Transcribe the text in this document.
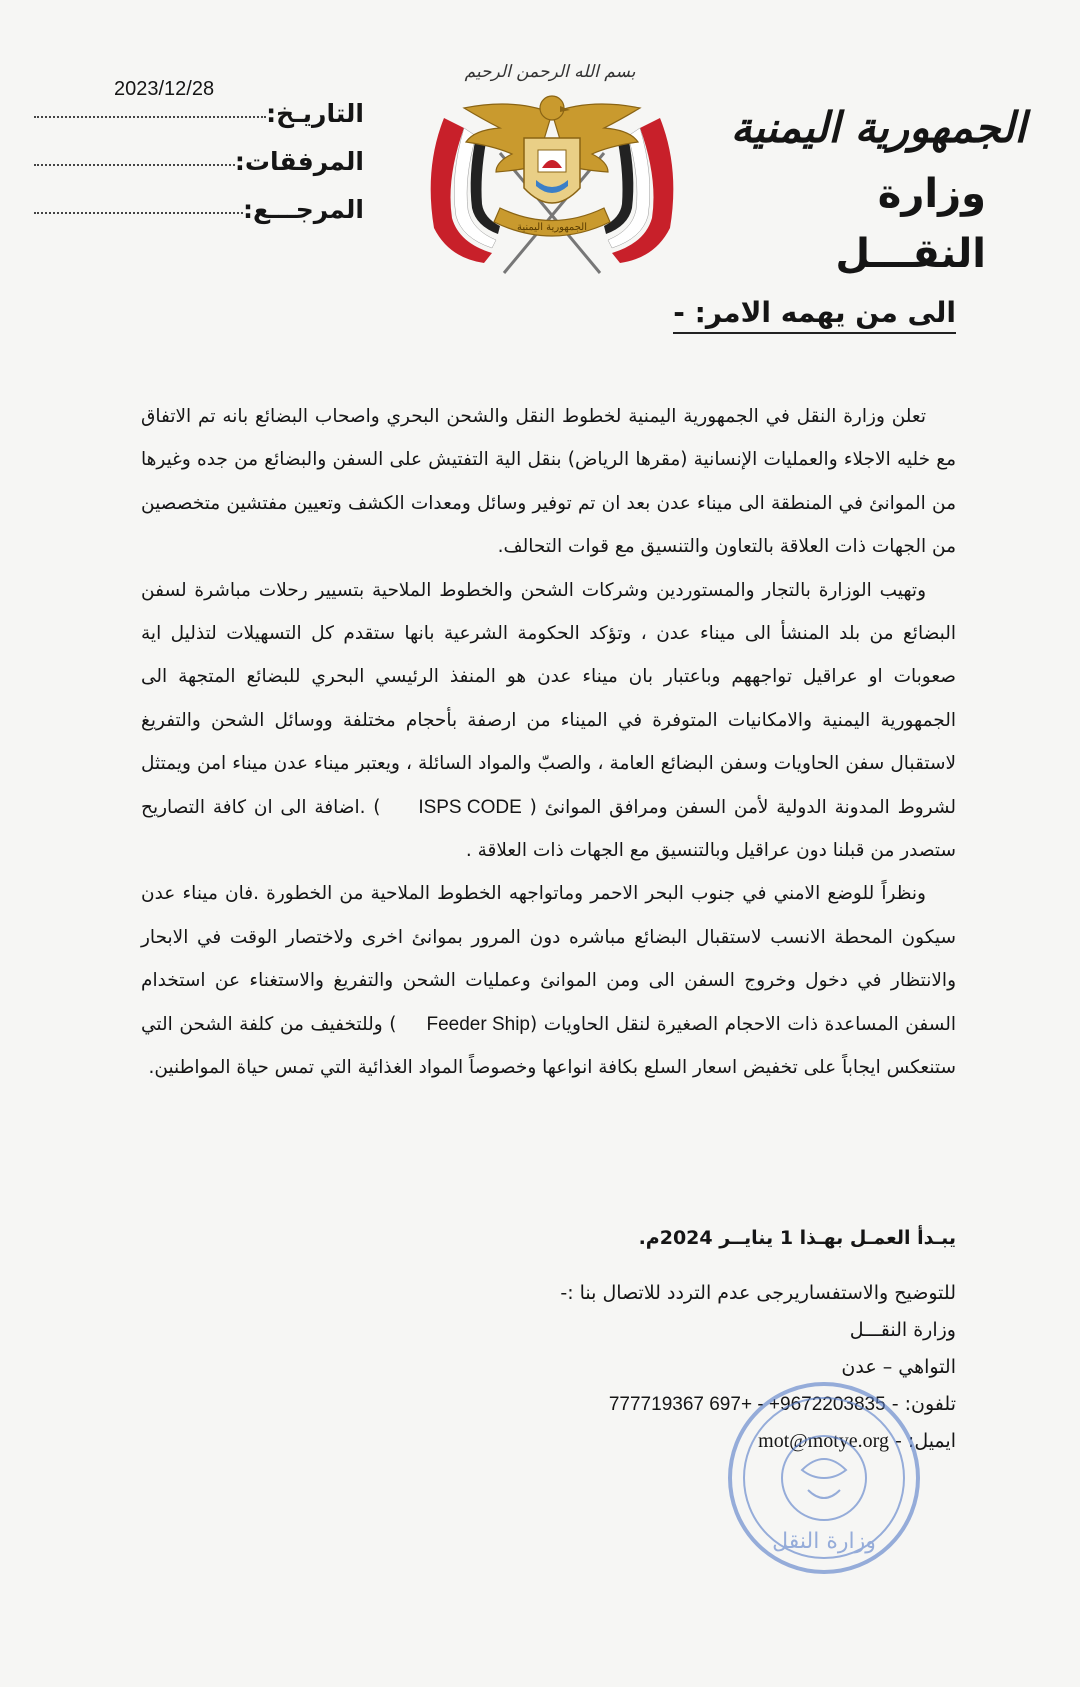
الجمهورية اليمنية
وزارة النقـــل
بسم الله الرحمن الرحيم
الجمهورية اليمنية
التاريـخ:
2023/12/28
المرفقات:
المرجـــع:
الى من يهمه الامر: -

تعلن وزارة النقل في الجمهورية اليمنية لخطوط النقل والشحن البحري واصحاب البضائع بانه تم الاتفاق مع خليه الاجلاء والعمليات الإنسانية (مقرها الرياض) بنقل الية التفتيش على السفن والبضائع من جده وغيرها من الموانئ في المنطقة الى ميناء عدن بعد ان تم توفير وسائل ومعدات الكشف وتعيين مفتشين متخصصين من الجهات ذات العلاقة بالتعاون والتنسيق مع قوات التحالف.

وتهيب الوزارة بالتجار والمستوردين وشركات الشحن والخطوط الملاحية بتسيير رحلات مباشرة لسفن البضائع من بلد المنشأ الى ميناء عدن ، وتؤكد الحكومة الشرعية بانها ستقدم كل التسهيلات لتذليل اية صعوبات او عراقيل تواجههم وباعتبار بان ميناء عدن هو المنفذ الرئيسي البحري للبضائع المتجهة الى الجمهورية اليمنية والامكانيات المتوفرة في الميناء من ارصفة بأحجام مختلفة ووسائل الشحن والتفريغ لاستقبال سفن الحاويات وسفن البضائع العامة ، والصبّ والمواد السائلة ، ويعتبر ميناء عدن ميناء امن ويمتثل لشروط المدونة الدولية لأمن السفن ومرافق الموانئ ( ISPS CODE ) .اضافة الى ان كافة التصاريح ستصدر من قبلنا دون عراقيل وبالتنسيق مع الجهات ذات العلاقة .

ونظراً للوضع الامني في جنوب البحر الاحمر وماتواجهه الخطوط الملاحية من الخطورة .فان ميناء عدن سيكون المحطة الانسب لاستقبال البضائع مباشره دون المرور بموانئ اخرى ولاختصار الوقت في الابحار والانتظار في دخول وخروج السفن الى ومن الموانئ وعمليات الشحن والتفريغ والاستغناء عن استخدام السفن المساعدة ذات الاحجام الصغيرة لنقل الحاويات (Feeder Ship) وللتخفيف من كلفة الشحن التي ستنعكس ايجاباً على تخفيض اسعار السلع بكافة انواعها وخصوصاً المواد الغذائية التي تمس حياة المواطنين.

يبـدأ العمـل بهـذا 1 ينايــر 2024م.
للتوضيح والاستفساريرجى عدم التردد للاتصال بنا :-
وزارة النقـــل
التواهي – عدن
تلفون: - 777719367 697+ - +9672203835
ايميل: - mot@motye.org
وزارة النقل
